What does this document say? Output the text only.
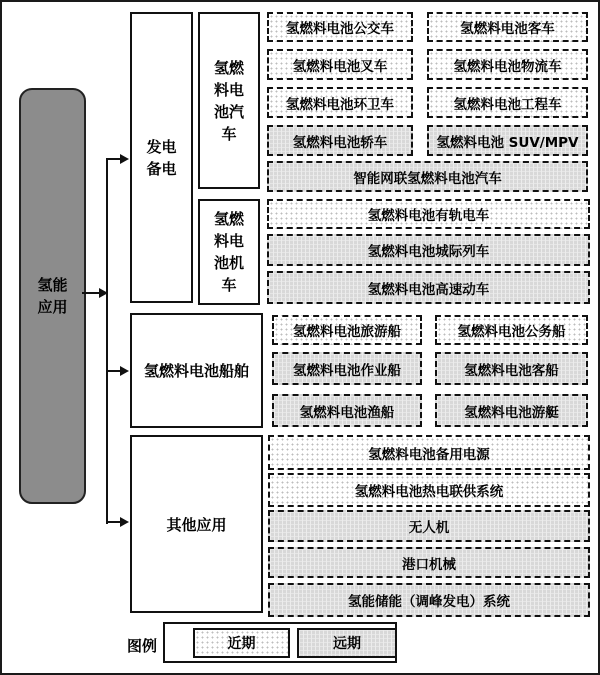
氢能应用
发电备电
氢燃料电池汽车
氢燃料电池机车
氢燃料电池船舶
其他应用
氢燃料电池公交车	氢燃料电池客车
氢燃料电池叉车	氢燃料电池物流车
氢燃料电池环卫车	氢燃料电池工程车
氢燃料电池轿车	氢燃料电池 SUV/MPV
智能网联氢燃料电池汽车
氢燃料电池有轨电车
氢燃料电池城际列车
氢燃料电池高速动车
氢燃料电池旅游船	氢燃料电池公务船
氢燃料电池作业船	氢燃料电池客船
氢燃料电池渔船	氢燃料电池游艇
氢燃料电池备用电源
氢燃料电池热电联供系统
无人机
港口机械
氢能储能（调峰发电）系统
图例	近期	远期
